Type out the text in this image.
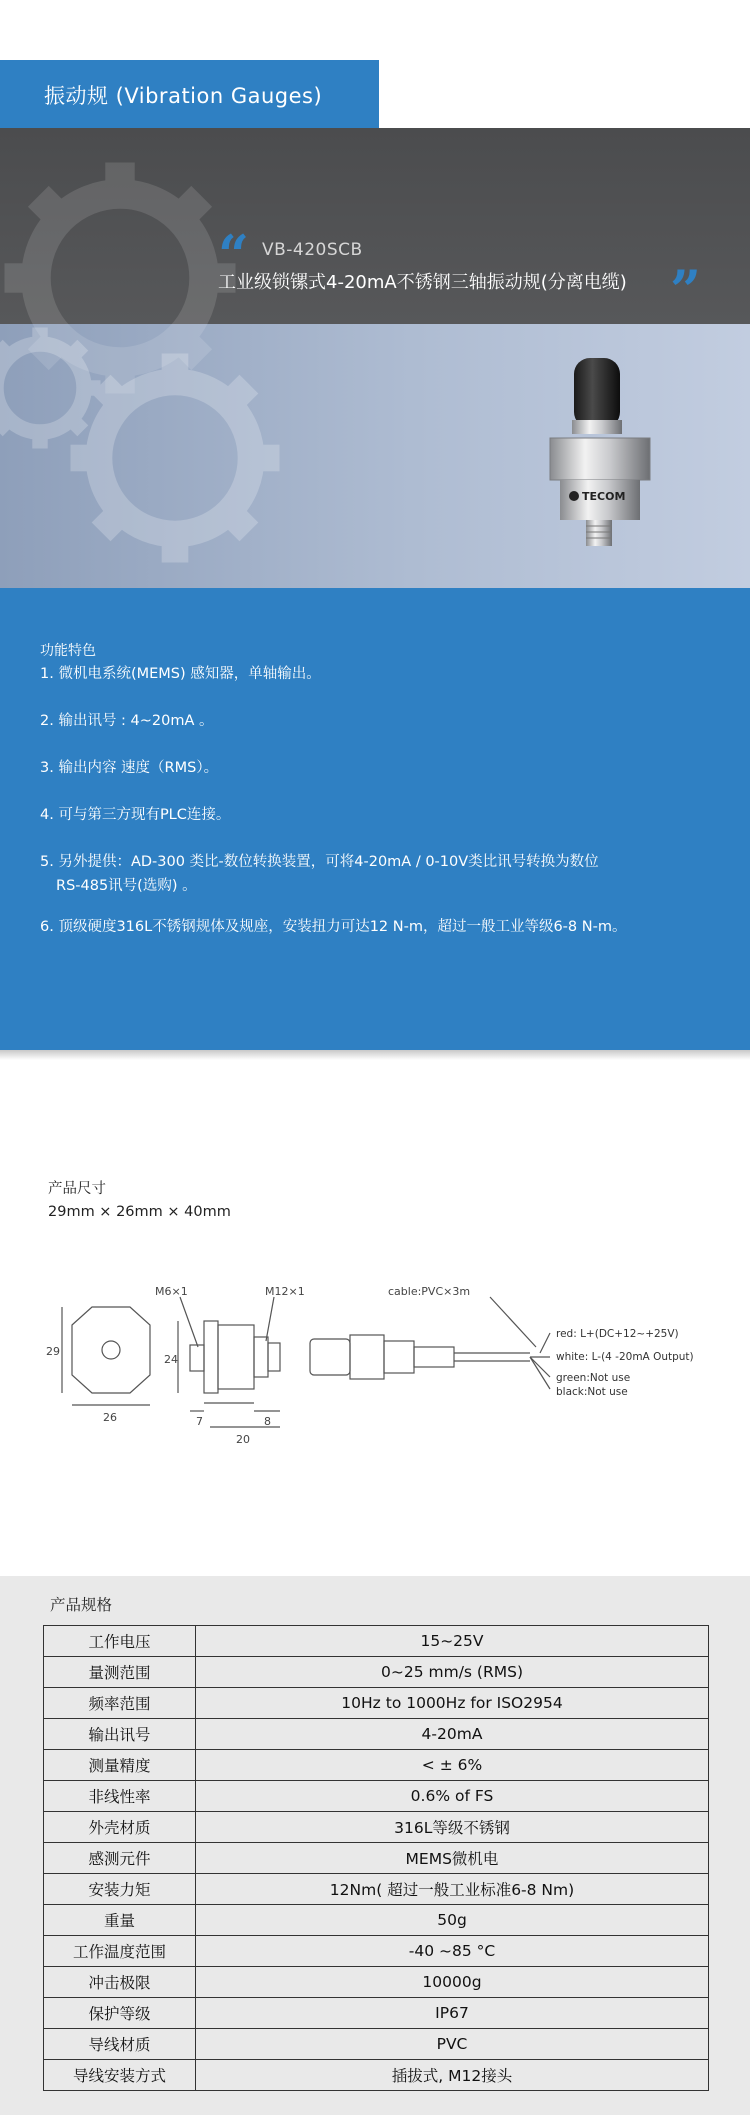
振动规 (Vibration Gauges)
“ VB-420SCB
工业级锁镙式4-20mA不锈钢三轴振动规(分离电缆) ”
TECOM
功能特色
1. 微机电系统(MEMS) 感知器，单轴输出。
2. 输出讯号 : 4~20mA 。
3. 输出内容 速度（RMS）。
4. 可与第三方现有PLC连接。
5. 另外提供：AD-300 类比-数位转换装置，可将4-20mA / 0-10V类比讯号转换为数位
RS-485讯号(选购) 。
6. 顶级硬度316L不锈钢规体及规座，安装扭力可达12 N-m，超过一般工业等级6-8 N-m。
产品尺寸
29mm × 26mm × 40mm
M6×1	M12×1	cable:PVC×3m
29
26
24
7	8
20
red: L+(DC+12~+25V)
white: L-(4 -20mA Output)
green:Not use
black:Not use
产品规格
工作电压	15~25V
量测范围	0~25 mm/s (RMS)
频率范围	10Hz to 1000Hz for ISO2954
输出讯号	4-20mA
测量精度	< ± 6%
非线性率	0.6% of FS
外壳材质	316L等级不锈钢
感测元件	MEMS微机电
安装力矩	12Nm( 超过一般工业标准6-8 Nm)
重量	50g
工作温度范围	-40 ~85 °C
冲击极限	10000g
保护等级	IP67
导线材质	PVC
导线安装方式	插拔式, M12接头
